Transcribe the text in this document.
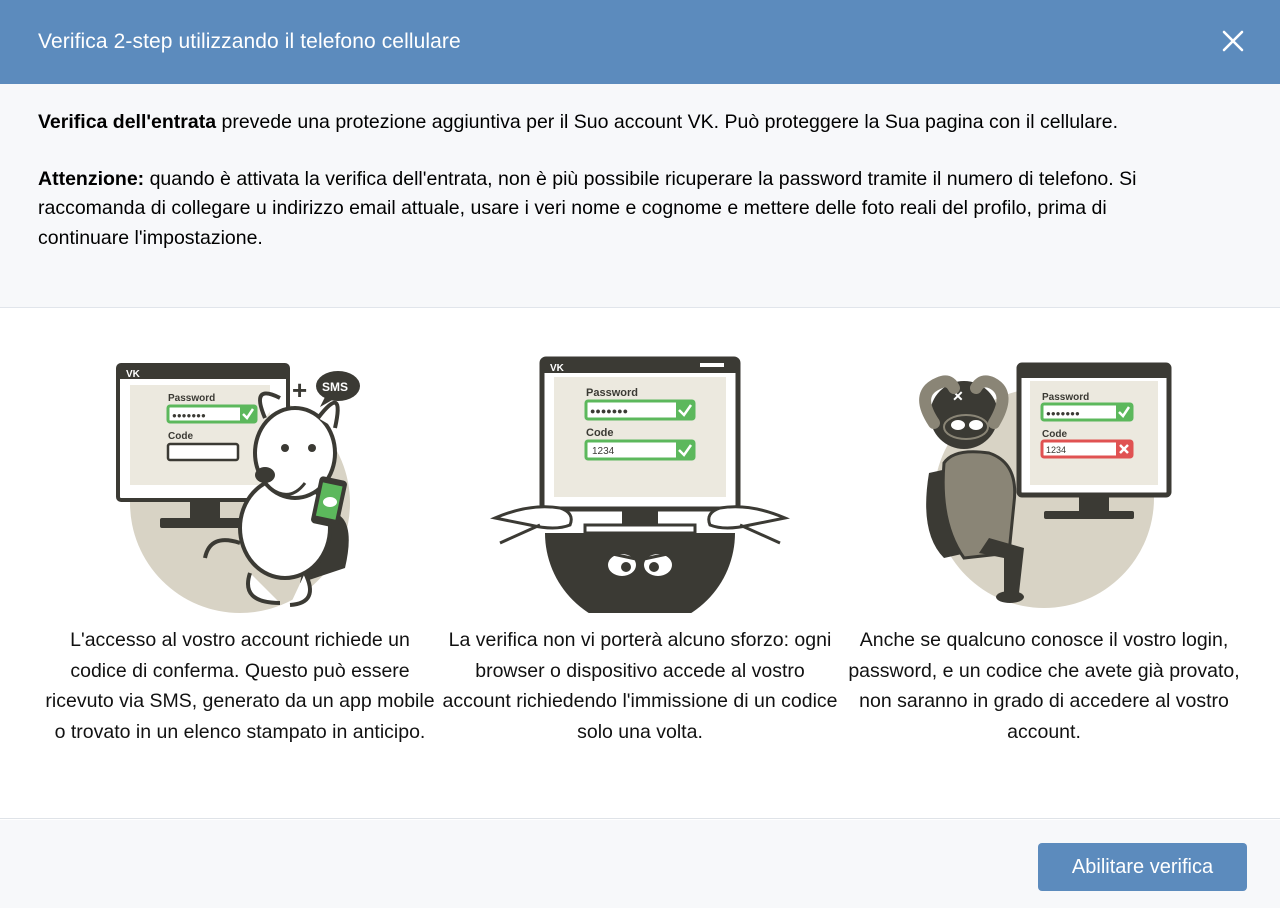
Verifica 2-step utilizzando il telefono cellulare

Verifica dell'entrata prevede una protezione aggiuntiva per il Suo account VK. Può proteggere la Sua pagina con il cellulare.

Attenzione: quando è attivata la verifica dell'entrata, non è più possibile ricuperare la password tramite il numero di telefono. Si raccomanda di collegare u indirizzo email attuale, usare i veri nome e cognome e mettere delle foto reali del profilo, prima di continuare l'impostazione.

VK
Password
●●●●●●●
Code
+ SMS
L'accesso al vostro account richiede un codice di conferma. Questo può essere ricevuto via SMS, generato da un app mobile o trovato in un elenco stampato in anticipo.
VK
Password
●●●●●●●
Code
1234
La verifica non vi porterà alcuno sforzo: ogni browser o dispositivo accede al vostro account richiedendo l'immissione di un codice solo una volta.
Password
●●●●●●●
Code
1234
✕
Anche se qualcuno conosce il vostro login, password, e un codice che avete già provato, non saranno in grado di accedere al vostro account.
Abilitare verifica
